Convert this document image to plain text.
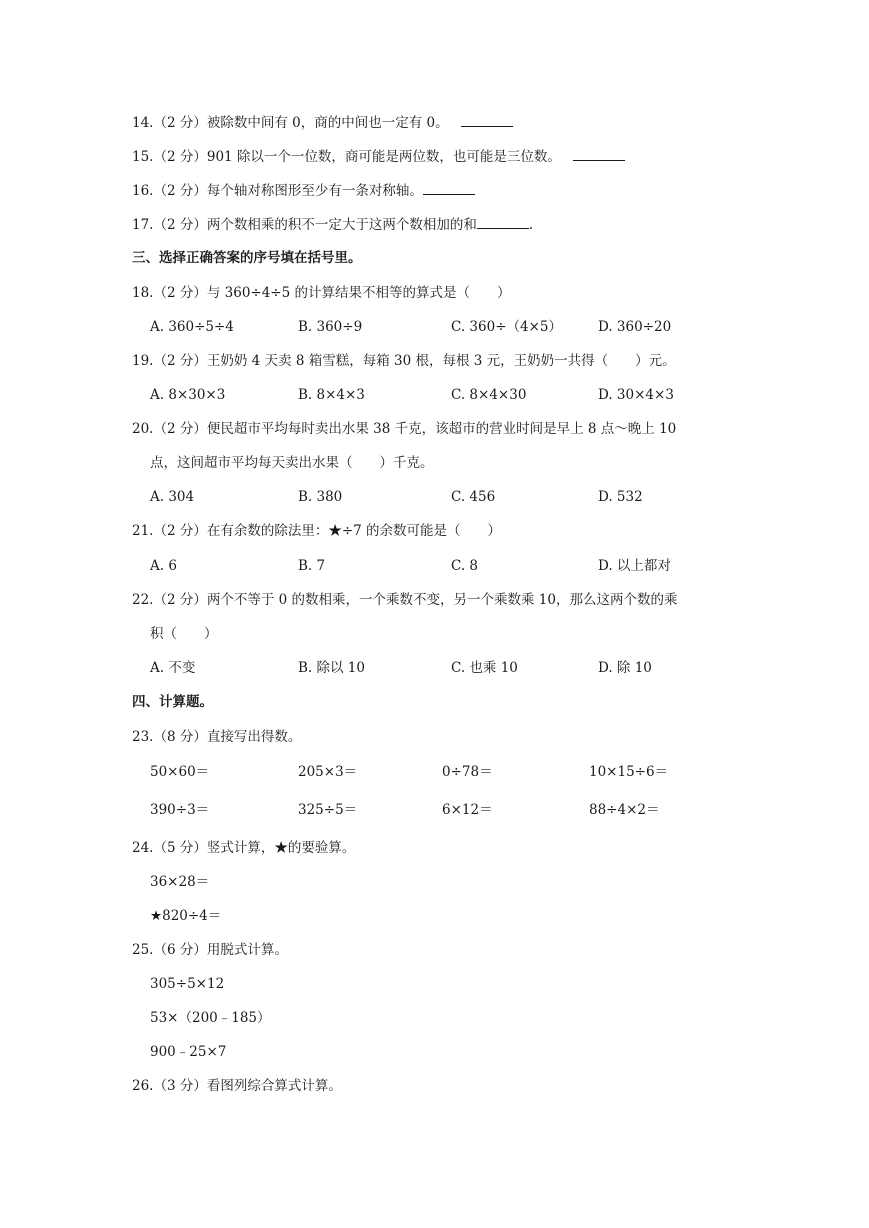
14.（2 分）被除数中间有 0，商的中间也一定有 0。
15.（2 分）901 除以一个一位数，商可能是两位数，也可能是三位数。
16.（2 分）每个轴对称图形至少有一条对称轴。
17.（2 分）两个数相乘的积不一定大于这两个数相加的和	.
三、选择正确答案的序号填在括号里。
18.（2 分）与 360÷4÷5 的计算结果不相等的算式是（　　）
A. 360÷5÷4	B. 360÷9	C. 360÷（4×5）	D. 360÷20
19.（2 分）王奶奶 4 天卖 8 箱雪糕，每箱 30 根，每根 3 元，王奶奶一共得（　　）元。
A. 8×30×3	B. 8×4×3	C. 8×4×30	D. 30×4×3
20.（2 分）便民超市平均每时卖出水果 38 千克，该超市的营业时间是早上 8 点～晚上 10
点，这间超市平均每天卖出水果（　　）千克。
A. 304	B. 380	C. 456	D. 532
21.（2 分）在有余数的除法里：★÷7 的余数可能是（　　）
A. 6	B. 7	C. 8	D. 以上都对
22.（2 分）两个不等于 0 的数相乘，一个乘数不变，另一个乘数乘 10，那么这两个数的乘
积（　　）
A. 不变	B. 除以 10	C. 也乘 10	D. 除 10
四、计算题。
23.（8 分）直接写出得数。
50×60＝	205×3＝	0÷78＝	10×15÷6＝
390÷3＝	325÷5＝	6×12＝	88÷4×2＝
24.（5 分）竖式计算，★的要验算。
36×28＝
★820÷4＝
25.（6 分）用脱式计算。
305÷5×12
53×（200﹣185）
900﹣25×7
26.（3 分）看图列综合算式计算。
